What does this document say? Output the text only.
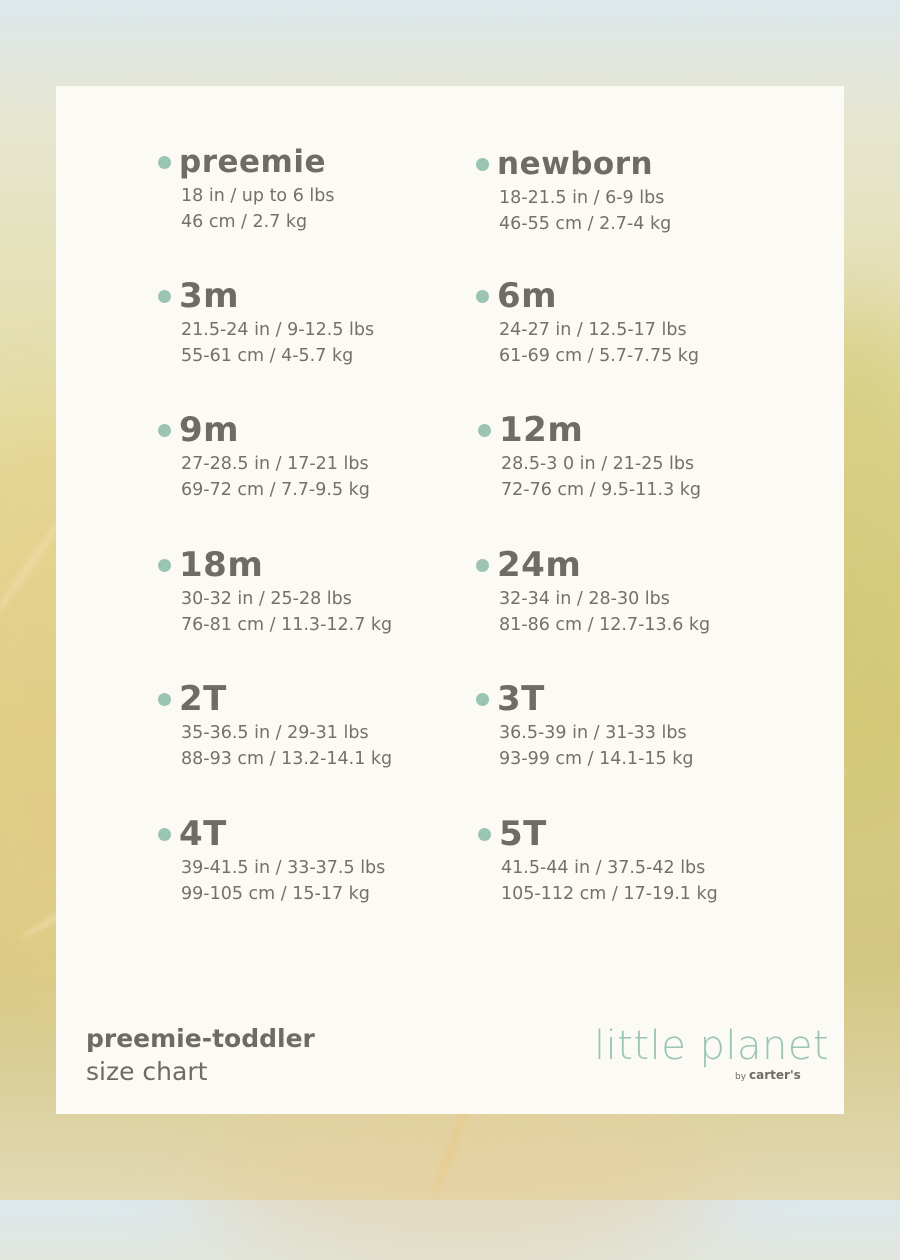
preemie
18 in / up to 6 lbs
46 cm / 2.7 kg
newborn
18-21.5 in / 6-9 lbs
46-55 cm / 2.7-4 kg
3m
21.5-24 in / 9-12.5 lbs
55-61 cm / 4-5.7 kg
6m
24-27 in / 12.5-17 lbs
61-69 cm / 5.7-7.75 kg
9m
27-28.5 in / 17-21 lbs
69-72 cm / 7.7-9.5 kg
12m
28.5-3 0 in / 21-25 lbs
72-76 cm / 9.5-11.3 kg
18m
30-32 in / 25-28 lbs
76-81 cm / 11.3-12.7 kg
24m
32-34 in / 28-30 lbs
81-86 cm / 12.7-13.6 kg
2T
35-36.5 in / 29-31 lbs
88-93 cm / 13.2-14.1 kg
3T
36.5-39 in / 31-33 lbs
93-99 cm / 14.1-15 kg
4T
39-41.5 in / 33-37.5 lbs
99-105 cm / 15-17 kg
5T
41.5-44 in / 37.5-42 lbs
105-112 cm / 17-19.1 kg
preemie-toddler
size chart
little planet
by carter's
